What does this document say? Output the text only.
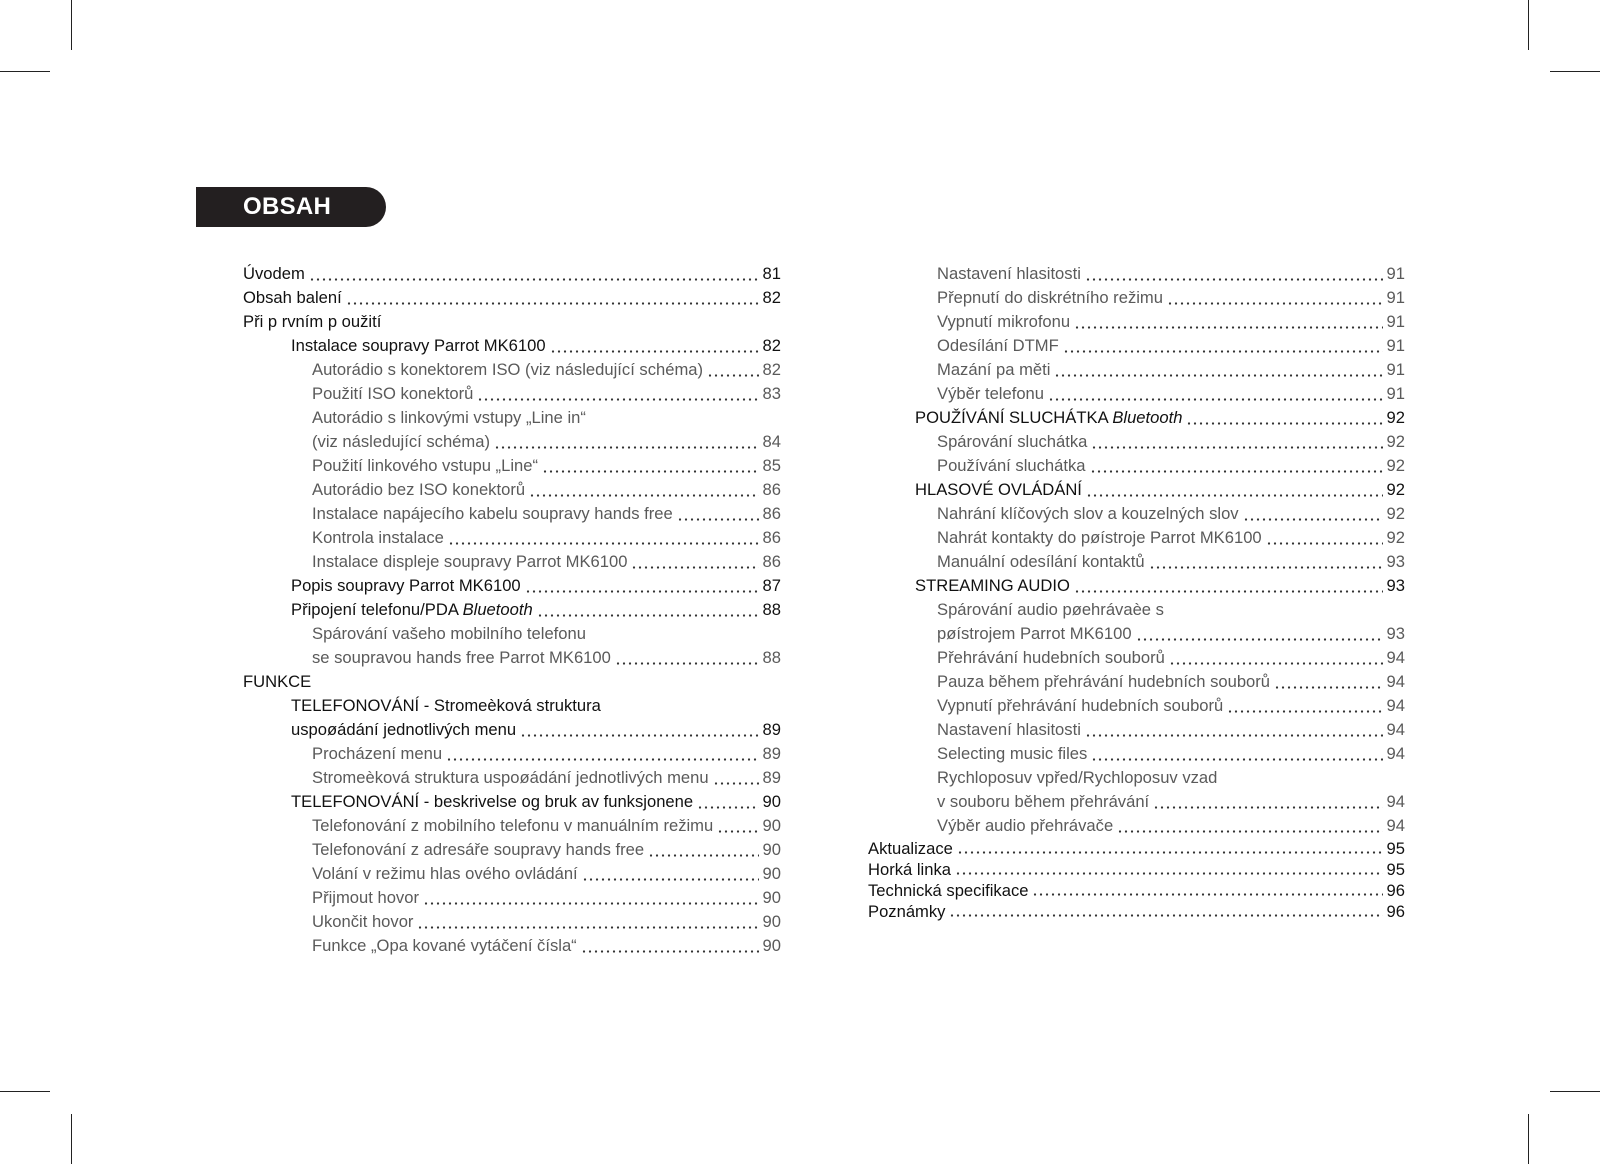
OBSAH
Úvodem	81
Obsah balení	82
Při p rvním p oužití
Instalace soupravy Parrot MK6100	82
Autorádio s konektorem ISO (viz následující schéma)	82
Použití ISO konektorů	83
Autorádio s linkovými vstupy „Line in“
(viz následující schéma)	84
Použití linkového vstupu „Line“	85
Autorádio bez ISO konektorů	86
Instalace napájecího kabelu soupravy hands free	86
Kontrola instalace	86
Instalace displeje soupravy Parrot MK6100	86
Popis soupravy Parrot MK6100	87
Připojení telefonu/PDA Bluetooth	88
Spárování vašeho mobilního telefonu
se soupravou hands free Parrot MK6100	88
FUNKCE
TELEFONOVÁNÍ - Stromeèková struktura
uspoøádání jednotlivých menu	89
Procházení menu	89
Stromeèková struktura uspoøádání jednotlivých menu	89
TELEFONOVÁNÍ - beskrivelse og bruk av funksjonene	90
Telefonování z mobilního telefonu v manuálním režimu	90
Telefonování z adresáře soupravy hands free	90
Volání v režimu hlas ového ovládání	90
Přijmout hovor	90
Ukončit hovor	90
Funkce „Opa kované vytáčení čísla“	90
Nastavení hlasitosti	91
Přepnutí do diskrétního režimu	91
Vypnutí mikrofonu	91
Odesílání DTMF	91
Mazání pa měti	91
Výběr telefonu	91
POUŽÍVÁNÍ SLUCHÁTKA Bluetooth	92
Spárování sluchátka	92
Používání sluchátka	92
HLASOVÉ OVLÁDÁNÍ	92
Nahrání klíčových slov a kouzelných slov	92
Nahrát kontakty do pøístroje Parrot MK6100	92
Manuální odesílání kontaktů	93
STREAMING AUDIO	93
Spárování audio pøehrávaèe s
pøístrojem Parrot MK6100	93
Přehrávání hudebních souborů	94
Pauza během přehrávání hudebních souborů	94
Vypnutí přehrávání hudebních souborů	94
Nastavení hlasitosti	94
Selecting music files	94
Rychloposuv vpřed/Rychloposuv vzad
v souboru během přehrávání	94
Výběr audio přehrávače	94
Aktualizace	95
Horká linka	95
Technická specifikace	96
Poznámky	96
